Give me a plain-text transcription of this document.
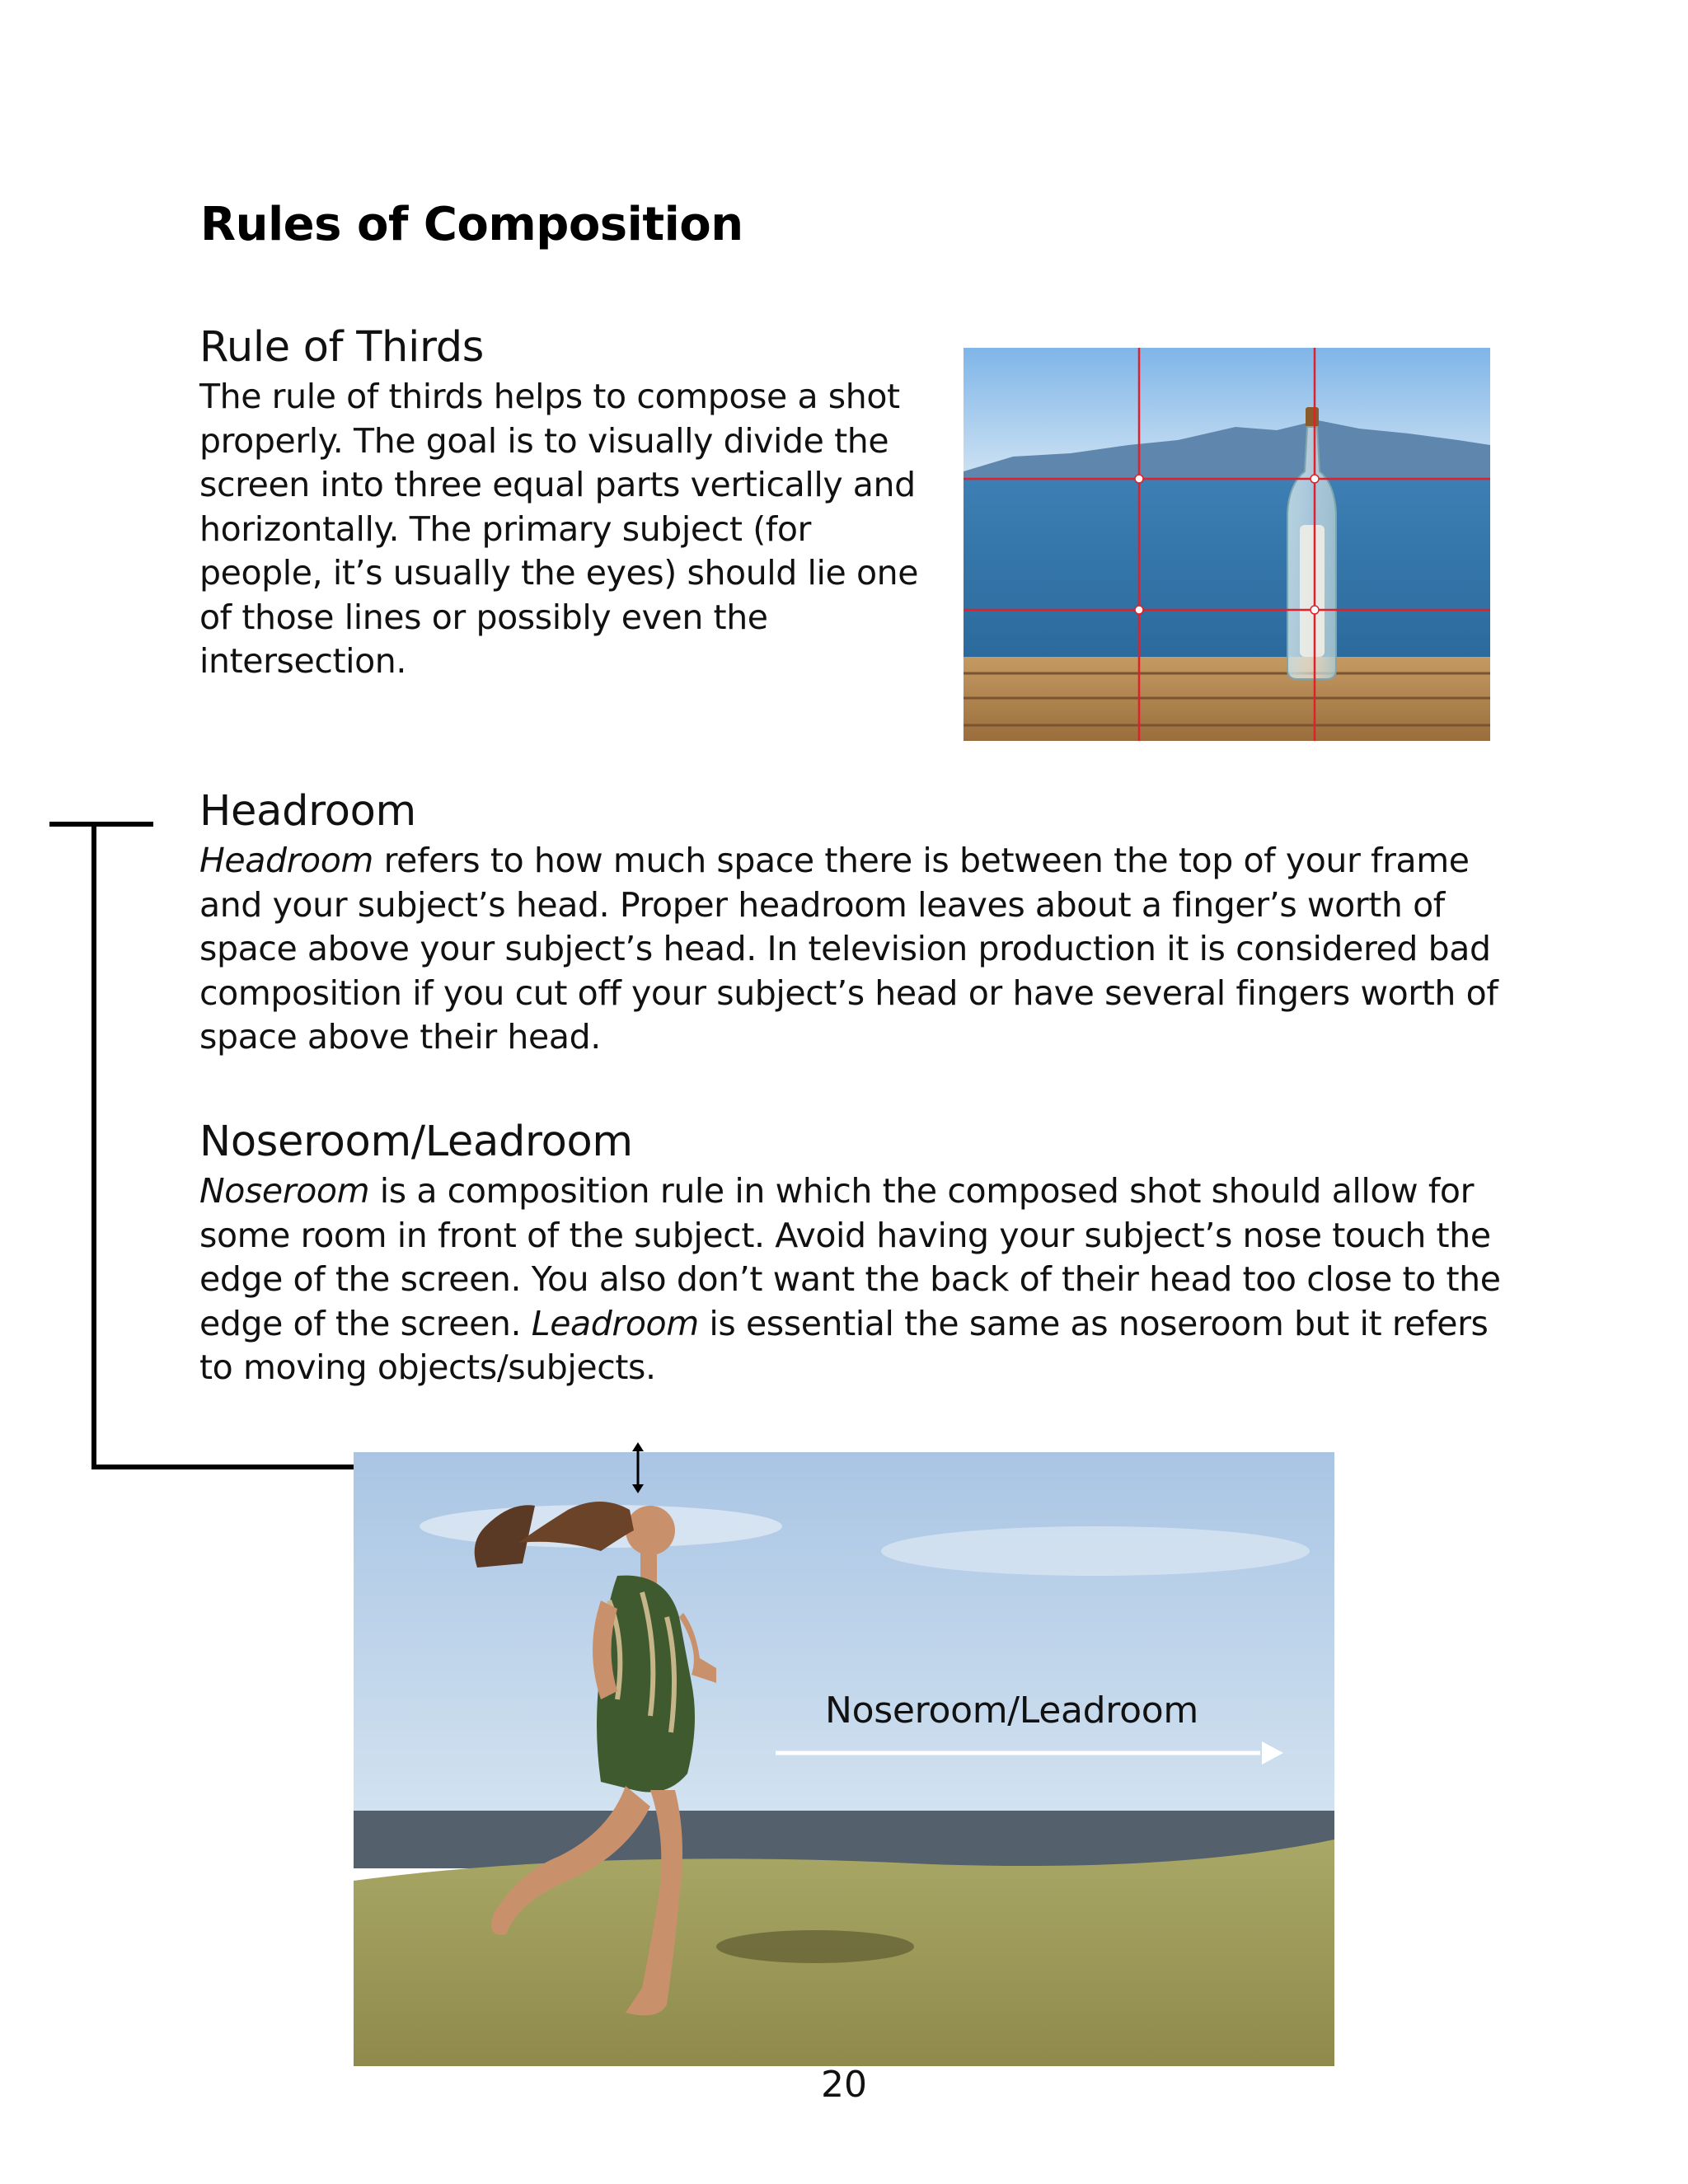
Rules of Composition
Rule of Thirds

The rule of thirds helps to compose a shot properly. The goal is to visually divide the screen into three equal parts vertically and horizontally. The primary subject (for people, it’s usually the eyes) should lie one of those lines or possibly even the intersection.

Headroom

Headroom refers to how much space there is between the top of your frame and your subject’s head. Proper headroom leaves about a finger’s worth of space above your subject’s head. In television production it is considered bad composition if you cut off your subject’s head or have several fingers worth of space above their head.

Noseroom/Leadroom

Noseroom is a composition rule in which the composed shot should allow for some room in front of the subject. Avoid having your subject’s nose touch the edge of the screen. You also don’t want the back of their head too close to the edge of the screen. Leadroom is essential the same as noseroom but it refers to moving objects/subjects.

Noseroom/Leadroom
20
